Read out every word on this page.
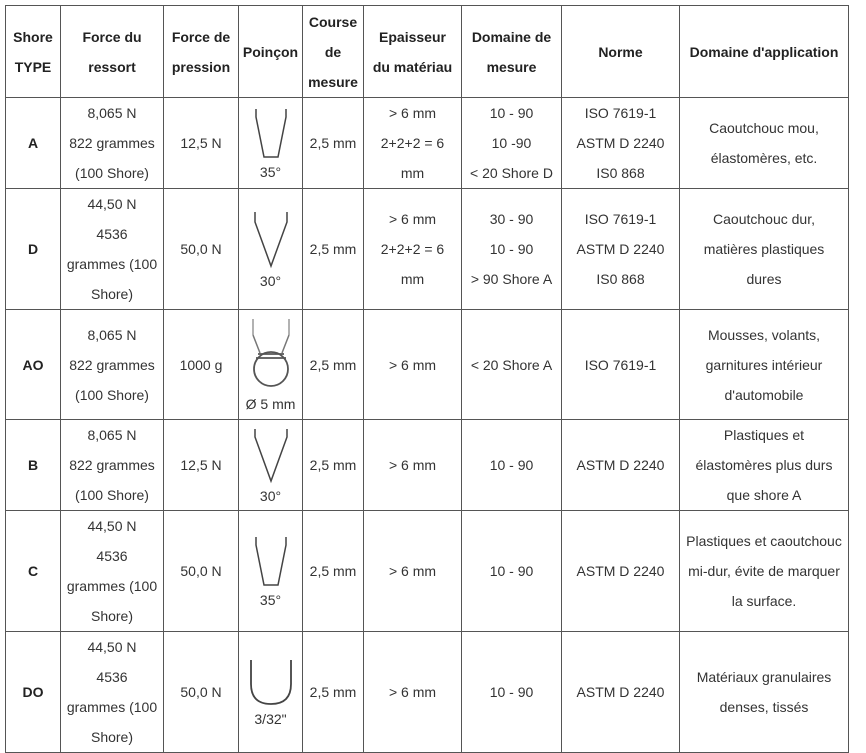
Shore
TYPE	Force du
ressort	Force de
pression	Poinçon	Course
de
mesure	Epaisseur
du matériau	Domaine de
mesure	Norme	Domaine d'application

A	8,065 N
822 grammes
(100 Shore)	12,5 N	35°	2,5 mm	> 6 mm
2+2+2 = 6
mm	10 - 90
10 -90
< 20 Shore D	ISO 7619-1
ASTM D 2240
IS0 868	Caoutchouc mou,
élastomères, etc.

D	44,50 N
4536
grammes (100
Shore)	50,0 N	30°	2,5 mm	> 6 mm
2+2+2 = 6
mm	30 - 90
10 - 90
> 90 Shore A	ISO 7619-1
ASTM D 2240
IS0 868	Caoutchouc dur,
matières plastiques
dures

AO	8,065 N
822 grammes
(100 Shore)	1000 g	Ø 5 mm	2,5 mm	> 6 mm	< 20 Shore A	ISO 7619-1	Mousses, volants,
garnitures intérieur
d'automobile

B	8,065 N
822 grammes
(100 Shore)	12,5 N	30°	2,5 mm	> 6 mm	10 - 90	ASTM D 2240	Plastiques et
élastomères plus durs
que shore A

C	44,50 N
4536
grammes (100
Shore)	50,0 N	35°	2,5 mm	> 6 mm	10 - 90	ASTM D 2240	Plastiques et caoutchouc
mi-dur, évite de marquer
la surface.

DO	44,50 N
4536
grammes (100
Shore)	50,0 N	3/32"	2,5 mm	> 6 mm	10 - 90	ASTM D 2240	Matériaux granulaires
denses, tissés
